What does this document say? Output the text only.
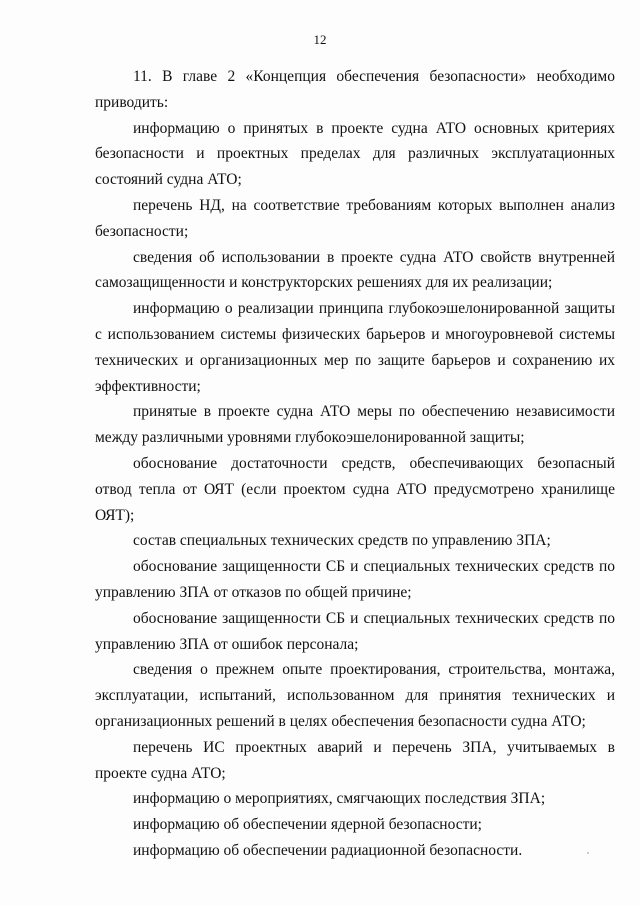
12

11. В главе 2 «Концепция обеспечения безопасности» необходимо приводить:

информацию о принятых в проекте судна АТО основных критериях безопасности и проектных пределах для различных эксплуатационных состояний судна АТО;

перечень НД, на соответствие требованиям которых выполнен анализ безопасности;

сведения об использовании в проекте судна АТО свойств внутренней самозащищенности и конструкторских решениях для их реализации;

информацию о реализации принципа глубокоэшелонированной защиты с использованием системы физических барьеров и многоуровневой системы технических и организационных мер по защите барьеров и сохранению их эффективности;

принятые в проекте судна АТО меры по обеспечению независимости между различными уровнями глубокоэшелонированной защиты;

обоснование достаточности средств, обеспечивающих безопасный отвод тепла от ОЯТ (если проектом судна АТО предусмотрено хранилище ОЯТ);

состав специальных технических средств по управлению ЗПА;

обоснование защищенности СБ и специальных технических средств по управлению ЗПА от отказов по общей причине;

обоснование защищенности СБ и специальных технических средств по управлению ЗПА от ошибок персонала;

сведения о прежнем опыте проектирования, строительства, монтажа, эксплуатации, испытаний, использованном для принятия технических и организационных решений в целях обеспечения безопасности судна АТО;

перечень ИС проектных аварий и перечень ЗПА, учитываемых в проекте судна АТО;

информацию о мероприятиях, смягчающих последствия ЗПА;

информацию об обеспечении ядерной безопасности;

информацию об обеспечении радиационной безопасности.
